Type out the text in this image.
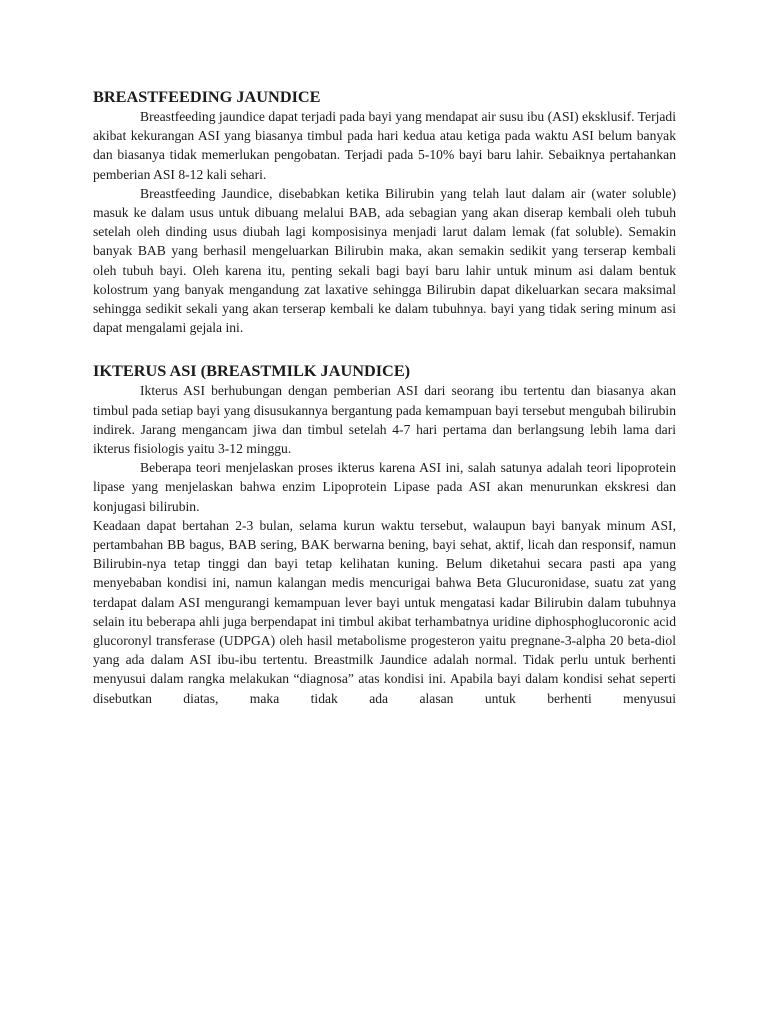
BREASTFEEDING JAUNDICE

Breastfeeding jaundice dapat terjadi pada bayi yang mendapat air susu ibu (ASI) eksklusif. Terjadi akibat kekurangan ASI yang biasanya timbul pada hari kedua atau ketiga pada waktu ASI belum banyak dan biasanya tidak memerlukan pengobatan. Terjadi pada 5-10% bayi baru lahir. Sebaiknya pertahankan pemberian ASI 8-12 kali sehari.

Breastfeeding Jaundice, disebabkan ketika Bilirubin yang telah laut dalam air (water soluble) masuk ke dalam usus untuk dibuang melalui BAB, ada sebagian yang akan diserap kembali oleh tubuh setelah oleh dinding usus diubah lagi komposisinya menjadi larut dalam lemak (fat soluble). Semakin banyak BAB yang berhasil mengeluarkan Bilirubin maka, akan semakin sedikit yang terserap kembali oleh tubuh bayi. Oleh karena itu, penting sekali bagi bayi baru lahir untuk minum asi dalam bentuk kolostrum yang banyak mengandung zat laxative sehingga Bilirubin dapat dikeluarkan secara maksimal sehingga sedikit sekali yang akan terserap kembali ke dalam tubuhnya. bayi yang tidak sering minum asi dapat mengalami gejala ini.

IKTERUS ASI (BREASTMILK JAUNDICE)

Ikterus ASI berhubungan dengan pemberian ASI dari seorang ibu tertentu dan biasanya akan timbul pada setiap bayi yang disusukannya bergantung pada kemampuan bayi tersebut mengubah bilirubin indirek. Jarang mengancam jiwa dan timbul setelah 4-7 hari pertama dan berlangsung lebih lama dari ikterus fisiologis yaitu 3-12 minggu.

Beberapa teori menjelaskan proses ikterus karena ASI ini, salah satunya adalah teori lipoprotein lipase yang menjelaskan bahwa enzim Lipoprotein Lipase pada ASI akan menurunkan ekskresi dan konjugasi bilirubin.

Keadaan dapat bertahan 2-3 bulan, selama kurun waktu tersebut, walaupun bayi banyak minum ASI, pertambahan BB bagus, BAB sering, BAK berwarna bening, bayi sehat, aktif, licah dan responsif, namun Bilirubin-nya tetap tinggi dan bayi tetap kelihatan kuning. Belum diketahui secara pasti apa yang menyebaban kondisi ini, namun kalangan medis mencurigai bahwa Beta Glucuronidase, suatu zat yang terdapat dalam ASI mengurangi kemampuan lever bayi untuk mengatasi kadar Bilirubin dalam tubuhnya selain itu beberapa ahli juga berpendapat ini timbul akibat terhambatnya uridine diphosphoglucoronic acid glucoronyl transferase (UDPGA) oleh hasil metabolisme progesteron yaitu pregnane-3-alpha 20 beta-diol yang ada dalam ASI ibu-ibu tertentu. Breastmilk Jaundice adalah normal. Tidak perlu untuk berhenti menyusui dalam rangka melakukan “diagnosa” atas kondisi ini. Apabila bayi dalam kondisi sehat seperti disebutkan diatas, maka tidak ada alasan untuk berhenti menyusui
